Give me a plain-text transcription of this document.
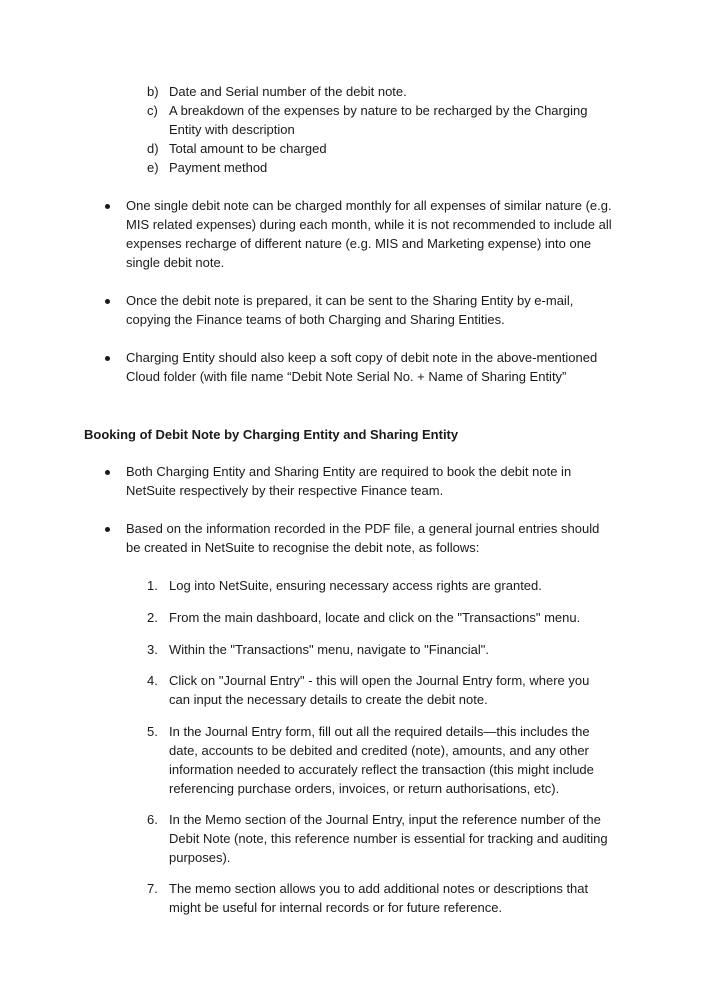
b) Date and Serial number of the debit note.
c) A breakdown of the expenses by nature to be recharged by the Charging
Entity with description
d) Total amount to be charged
e) Payment method
One single debit note can be charged monthly for all expenses of similar nature (e.g.
MIS related expenses) during each month, while it is not recommended to include all
expenses recharge of different nature (e.g. MIS and Marketing expense) into one
single debit note.
Once the debit note is prepared, it can be sent to the Sharing Entity by e-mail,
copying the Finance teams of both Charging and Sharing Entities.
Charging Entity should also keep a soft copy of debit note in the above-mentioned
Cloud folder (with file name “Debit Note Serial No. + Name of Sharing Entity”
Booking of Debit Note by Charging Entity and Sharing Entity
Both Charging Entity and Sharing Entity are required to book the debit note in
NetSuite respectively by their respective Finance team.
Based on the information recorded in the PDF file, a general journal entries should
be created in NetSuite to recognise the debit note, as follows:
1. Log into NetSuite, ensuring necessary access rights are granted.
2. From the main dashboard, locate and click on the "Transactions" menu.
3. Within the "Transactions" menu, navigate to "Financial".
4. Click on "Journal Entry" - this will open the Journal Entry form, where you
can input the necessary details to create the debit note.
5. In the Journal Entry form, fill out all the required details—this includes the
date, accounts to be debited and credited (note), amounts, and any other
information needed to accurately reflect the transaction (this might include
referencing purchase orders, invoices, or return authorisations, etc).
6. In the Memo section of the Journal Entry, input the reference number of the
Debit Note (note, this reference number is essential for tracking and auditing
purposes).
7. The memo section allows you to add additional notes or descriptions that
might be useful for internal records or for future reference.
